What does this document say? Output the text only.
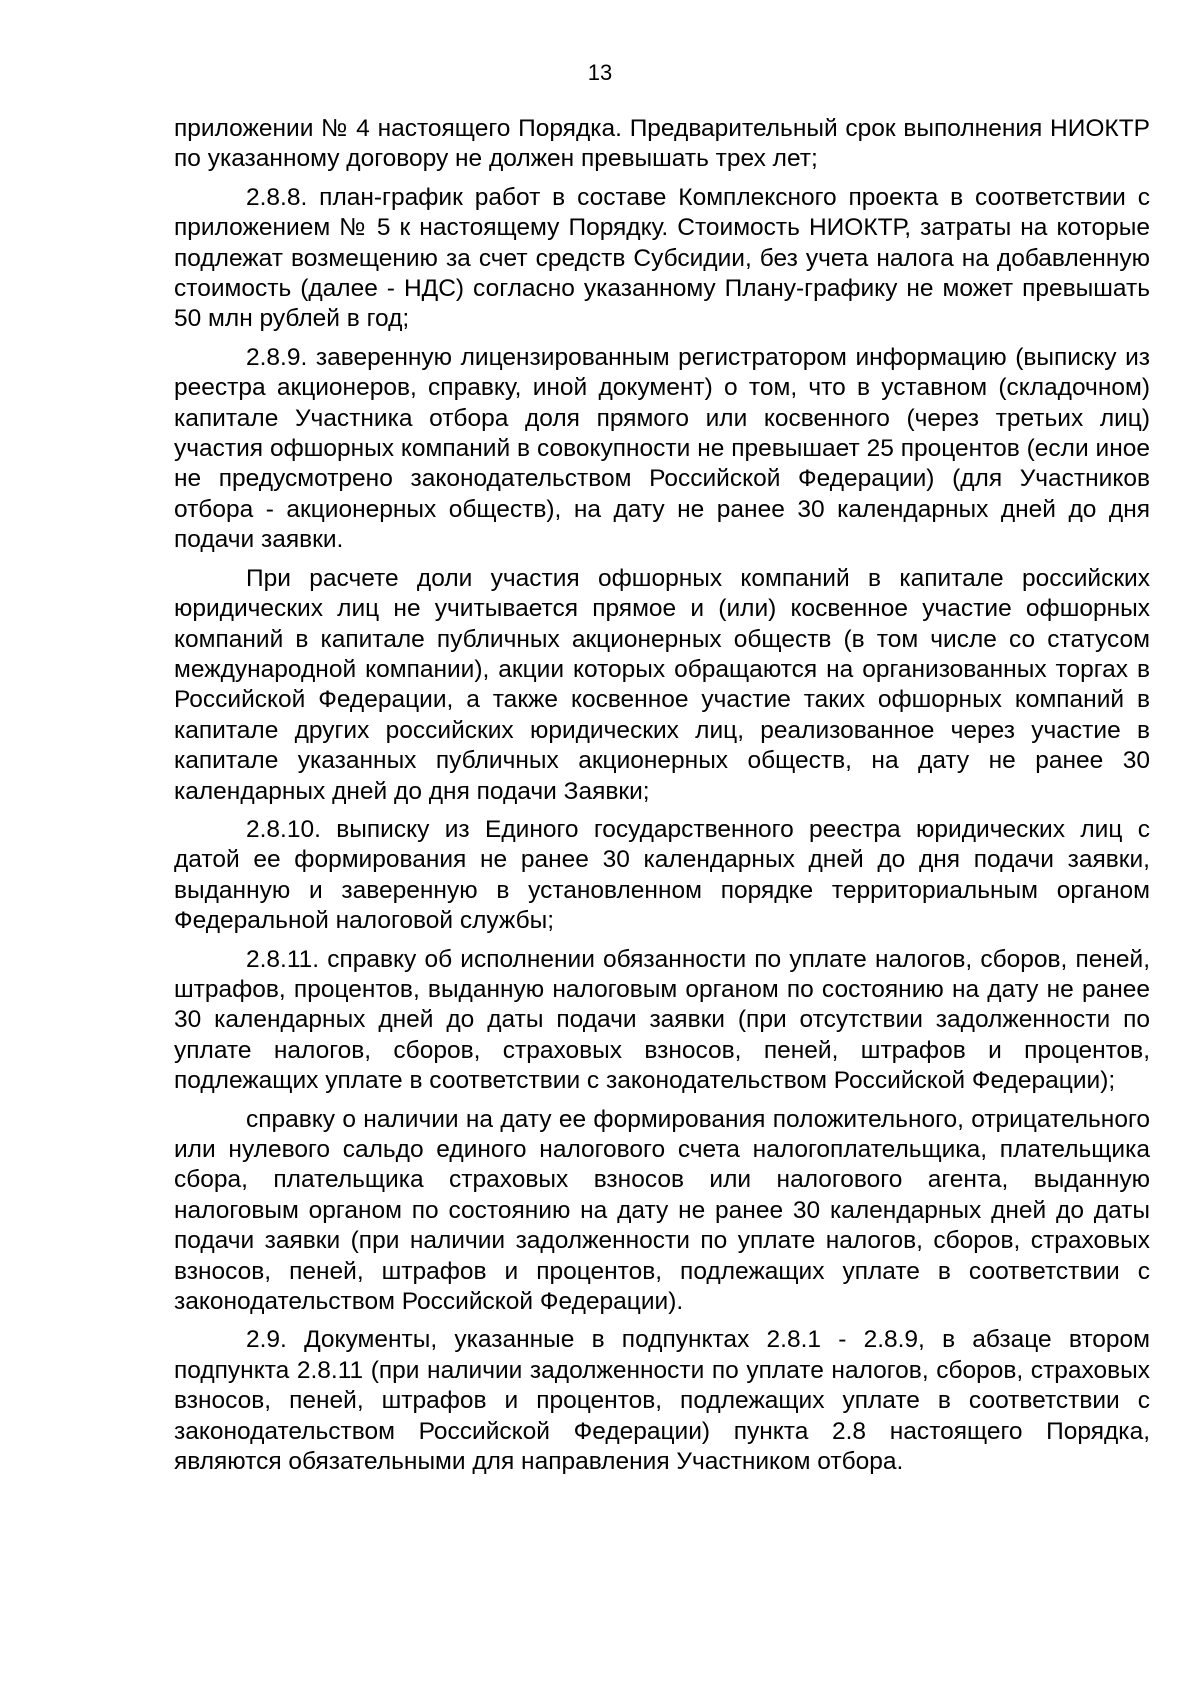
13

приложении № 4 настоящего Порядка. Предварительный срок выполнения НИОКТР по указанному договору не должен превышать трех лет;

2.8.8. план-график работ в составе Комплексного проекта в соответствии с приложением № 5 к настоящему Порядку. Стоимость НИОКТР, затраты на которые подлежат возмещению за счет средств Субсидии, без учета налога на добавленную стоимость (далее - НДС) согласно указанному Плану-графику не может превышать 50 млн рублей в год;

2.8.9. заверенную лицензированным регистратором информацию (выписку из реестра акционеров, справку, иной документ) о том, что в уставном (складочном) капитале Участника отбора доля прямого или косвенного (через третьих лиц) участия офшорных компаний в совокупности не превышает 25 процентов (если иное не предусмотрено законодательством Российской Федерации) (для Участников отбора - акционерных обществ), на дату не ранее 30 календарных дней до дня подачи заявки.

При расчете доли участия офшорных компаний в капитале российских юридических лиц не учитывается прямое и (или) косвенное участие офшорных компаний в капитале публичных акционерных обществ (в том числе со статусом международной компании), акции которых обращаются на организованных торгах в Российской Федерации, а также косвенное участие таких офшорных компаний в капитале других российских юридических лиц, реализованное через участие в капитале указанных публичных акционерных обществ, на дату не ранее 30 календарных дней до дня подачи Заявки;

2.8.10. выписку из Единого государственного реестра юридических лиц с датой ее формирования не ранее 30 календарных дней до дня подачи заявки, выданную и заверенную в установленном порядке территориальным органом Федеральной налоговой службы;

2.8.11. справку об исполнении обязанности по уплате налогов, сборов, пеней, штрафов, процентов, выданную налоговым органом по состоянию на дату не ранее 30 календарных дней до даты подачи заявки (при отсутствии задолженности по уплате налогов, сборов, страховых взносов, пеней, штрафов и процентов, подлежащих уплате в соответствии с законодательством Российской Федерации);

справку о наличии на дату ее формирования положительного, отрицательного или нулевого сальдо единого налогового счета налогоплательщика, плательщика сбора, плательщика страховых взносов или налогового агента, выданную налоговым органом по состоянию на дату не ранее 30 календарных дней до даты подачи заявки (при наличии задолженности по уплате налогов, сборов, страховых взносов, пеней, штрафов и процентов, подлежащих уплате в соответствии с законодательством Российской Федерации).

2.9. Документы, указанные в подпунктах 2.8.1 - 2.8.9, в абзаце втором подпункта 2.8.11 (при наличии задолженности по уплате налогов, сборов, страховых взносов, пеней, штрафов и процентов, подлежащих уплате в соответствии с законодательством Российской Федерации) пункта 2.8 настоящего Порядка, являются обязательными для направления Участником отбора.
